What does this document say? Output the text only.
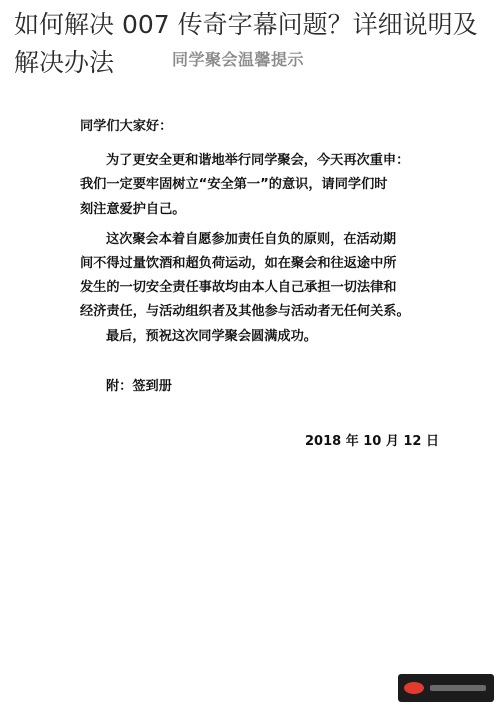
如何解决 007 传奇字幕问题？详细说明及解决办法	同学聚会温馨提示

同学们大家好：

为了更安全更和谐地举行同学聚会，今天再次重申：

我们一定要牢固树立“安全第一”的意识，请同学们时

刻注意爱护自己。

这次聚会本着自愿参加责任自负的原则，在活动期

间不得过量饮酒和超负荷运动，如在聚会和往返途中所

发生的一切安全责任事故均由本人自己承担一切法律和

经济责任，与活动组织者及其他参与活动者无任何关系。

最后，预祝这次同学聚会圆满成功。

附：签到册
2018 年 10 月 12 日
